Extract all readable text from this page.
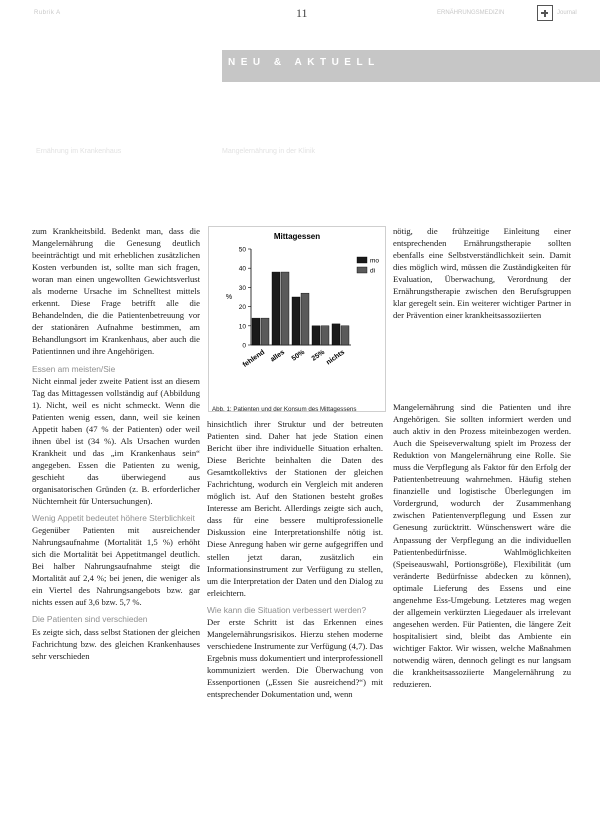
Rubrik A	11	ERNÄHRUNGSMEDIZIN	Journal
NEU & AKTUELL
Ernährung im Krankenhaus	Mangelernährung in der Klinik

zum Krankheitsbild. Bedenkt man, dass die Mangelernährung die Genesung deutlich beeinträchtigt und mit erheblichen zusätzlichen Kosten verbunden ist, sollte man sich fragen, woran man einen ungewollten Gewichtsverlust als moderne Ursache im Schnelltest mittels erkennt. Diese Frage betrifft alle die Behandelnden, die die Patientenbetreuung vor der stationären Aufnahme bestimmen, am Behandlungsort im Krankenhaus, aber auch die Patientinnen und ihre Angehörigen.

Essen am meisten/Sie

Nicht einmal jeder zweite Patient isst an diesem Tag das Mittagessen vollständig auf (Abbildung 1). Nicht, weil es nicht schmeckt. Wenn die Patienten wenig essen, dann, weil sie keinen Appetit haben (47 % der Patienten) oder weil ihnen übel ist (34 %). Als Ursachen wurden Krankheit und das „im Krankenhaus sein“ angegeben. Essen die Patienten zu wenig, geschieht das überwiegend aus organisatorischen Gründen (z. B. erforderlicher Nüchternheit für Untersuchungen).

Wenig Appetit bedeutet höhere Sterblichkeit

Gegenüber Patienten mit ausreichender Nahrungsaufnahme (Mortalität 1,5 %) erhöht sich die Mortalität bei Appetitmangel deutlich. Bei halber Nahrungsaufnahme steigt die Mortalität auf 2,4 %; bei jenen, die weniger als ein Viertel des Nahrungsangebots bzw. gar nichts essen auf 3,6 bzw. 5,7 %.

Die Patienten sind verschieden

Es zeigte sich, dass selbst Stationen der gleichen Fachrichtung bzw. des gleichen Krankenhauses sehr verschieden

hinsichtlich ihrer Struktur und der betreuten Patienten sind. Daher hat jede Station einen Bericht über ihre individuelle Situation erhalten. Diese Berichte beinhalten die Daten des Gesamtkollektivs der Stationen der gleichen Fachrichtung, wodurch ein Vergleich mit anderen möglich ist. Auf den Stationen besteht großes Interesse am Bericht. Allerdings zeigte sich auch, dass für eine bessere multiprofessionelle Diskussion eine Interpretationshilfe nötig ist. Diese Anregung haben wir gerne aufgegriffen und stellen jetzt daran, zusätzlich ein Informationsinstrument zur Verfügung zu stellen, um die Interpretation der Daten und den Dialog zu erleichtern.

Wie kann die Situation verbessert werden?

Der erste Schritt ist das Erkennen eines Mangelernährungsrisikos. Hierzu stehen moderne verschiedene Instrumente zur Verfügung (4,7). Das Ergebnis muss dokumentiert und interprofessionell kommuniziert werden. Die Überwachung von Essenportionen („Essen Sie ausreichend?“) mit entsprechender Dokumentation und, wenn

nötig, die frühzeitige Einleitung einer entsprechenden Ernährungstherapie sollten ebenfalls eine Selbstverständlichkeit sein. Damit dies möglich wird, müssen die Zuständigkeiten für Evaluation, Überwachung, Verordnung der Ernährungstherapie zwischen den Berufsgruppen klar geregelt sein. Ein weiterer wichtiger Partner in der Prävention einer krankheitsassoziierten

Mangelernährung sind die Patienten und ihre Angehörigen. Sie sollten informiert werden und auch aktiv in den Prozess miteinbezogen werden. Auch die Speiseverwaltung spielt im Prozess der Reduktion von Mangelernährung eine Rolle. Sie muss die Verpflegung als Faktor für den Erfolg der Patientenbetreuung wahrnehmen. Häufig stehen finanzielle und logistische Überlegungen im Vordergrund, wodurch der Zusammenhang zwischen Patientenverpflegung und Essen zur Genesung zurücktritt. Wünschenswert wäre die Anpassung der Verpflegung an die individuellen Patientenbedürfnisse. Wahlmöglichkeiten (Speiseauswahl, Portionsgröße), Flexibilität (um veränderte Bedürfnisse abdecken zu können), optimale Lieferung des Essens und eine angenehme Ess-Umgebung. Letzteres mag wegen der allgemein verkürzten Liegedauer als irrelevant angesehen werden. Für Patienten, die längere Zeit hospitalisiert sind, bleibt das Ambiente ein wichtiger Faktor. Wir wissen, welche Maßnahmen notwendig wären, dennoch gelingt es nur langsam die krankheitsassoziierte Mangelernährung zu reduzieren.

Mittagessen
0
10
20
30
40
50
%
fehlend alles 50% 25% nichts
mo
di
Abb. 1: Patienten und der Konsum des Mittagessens
